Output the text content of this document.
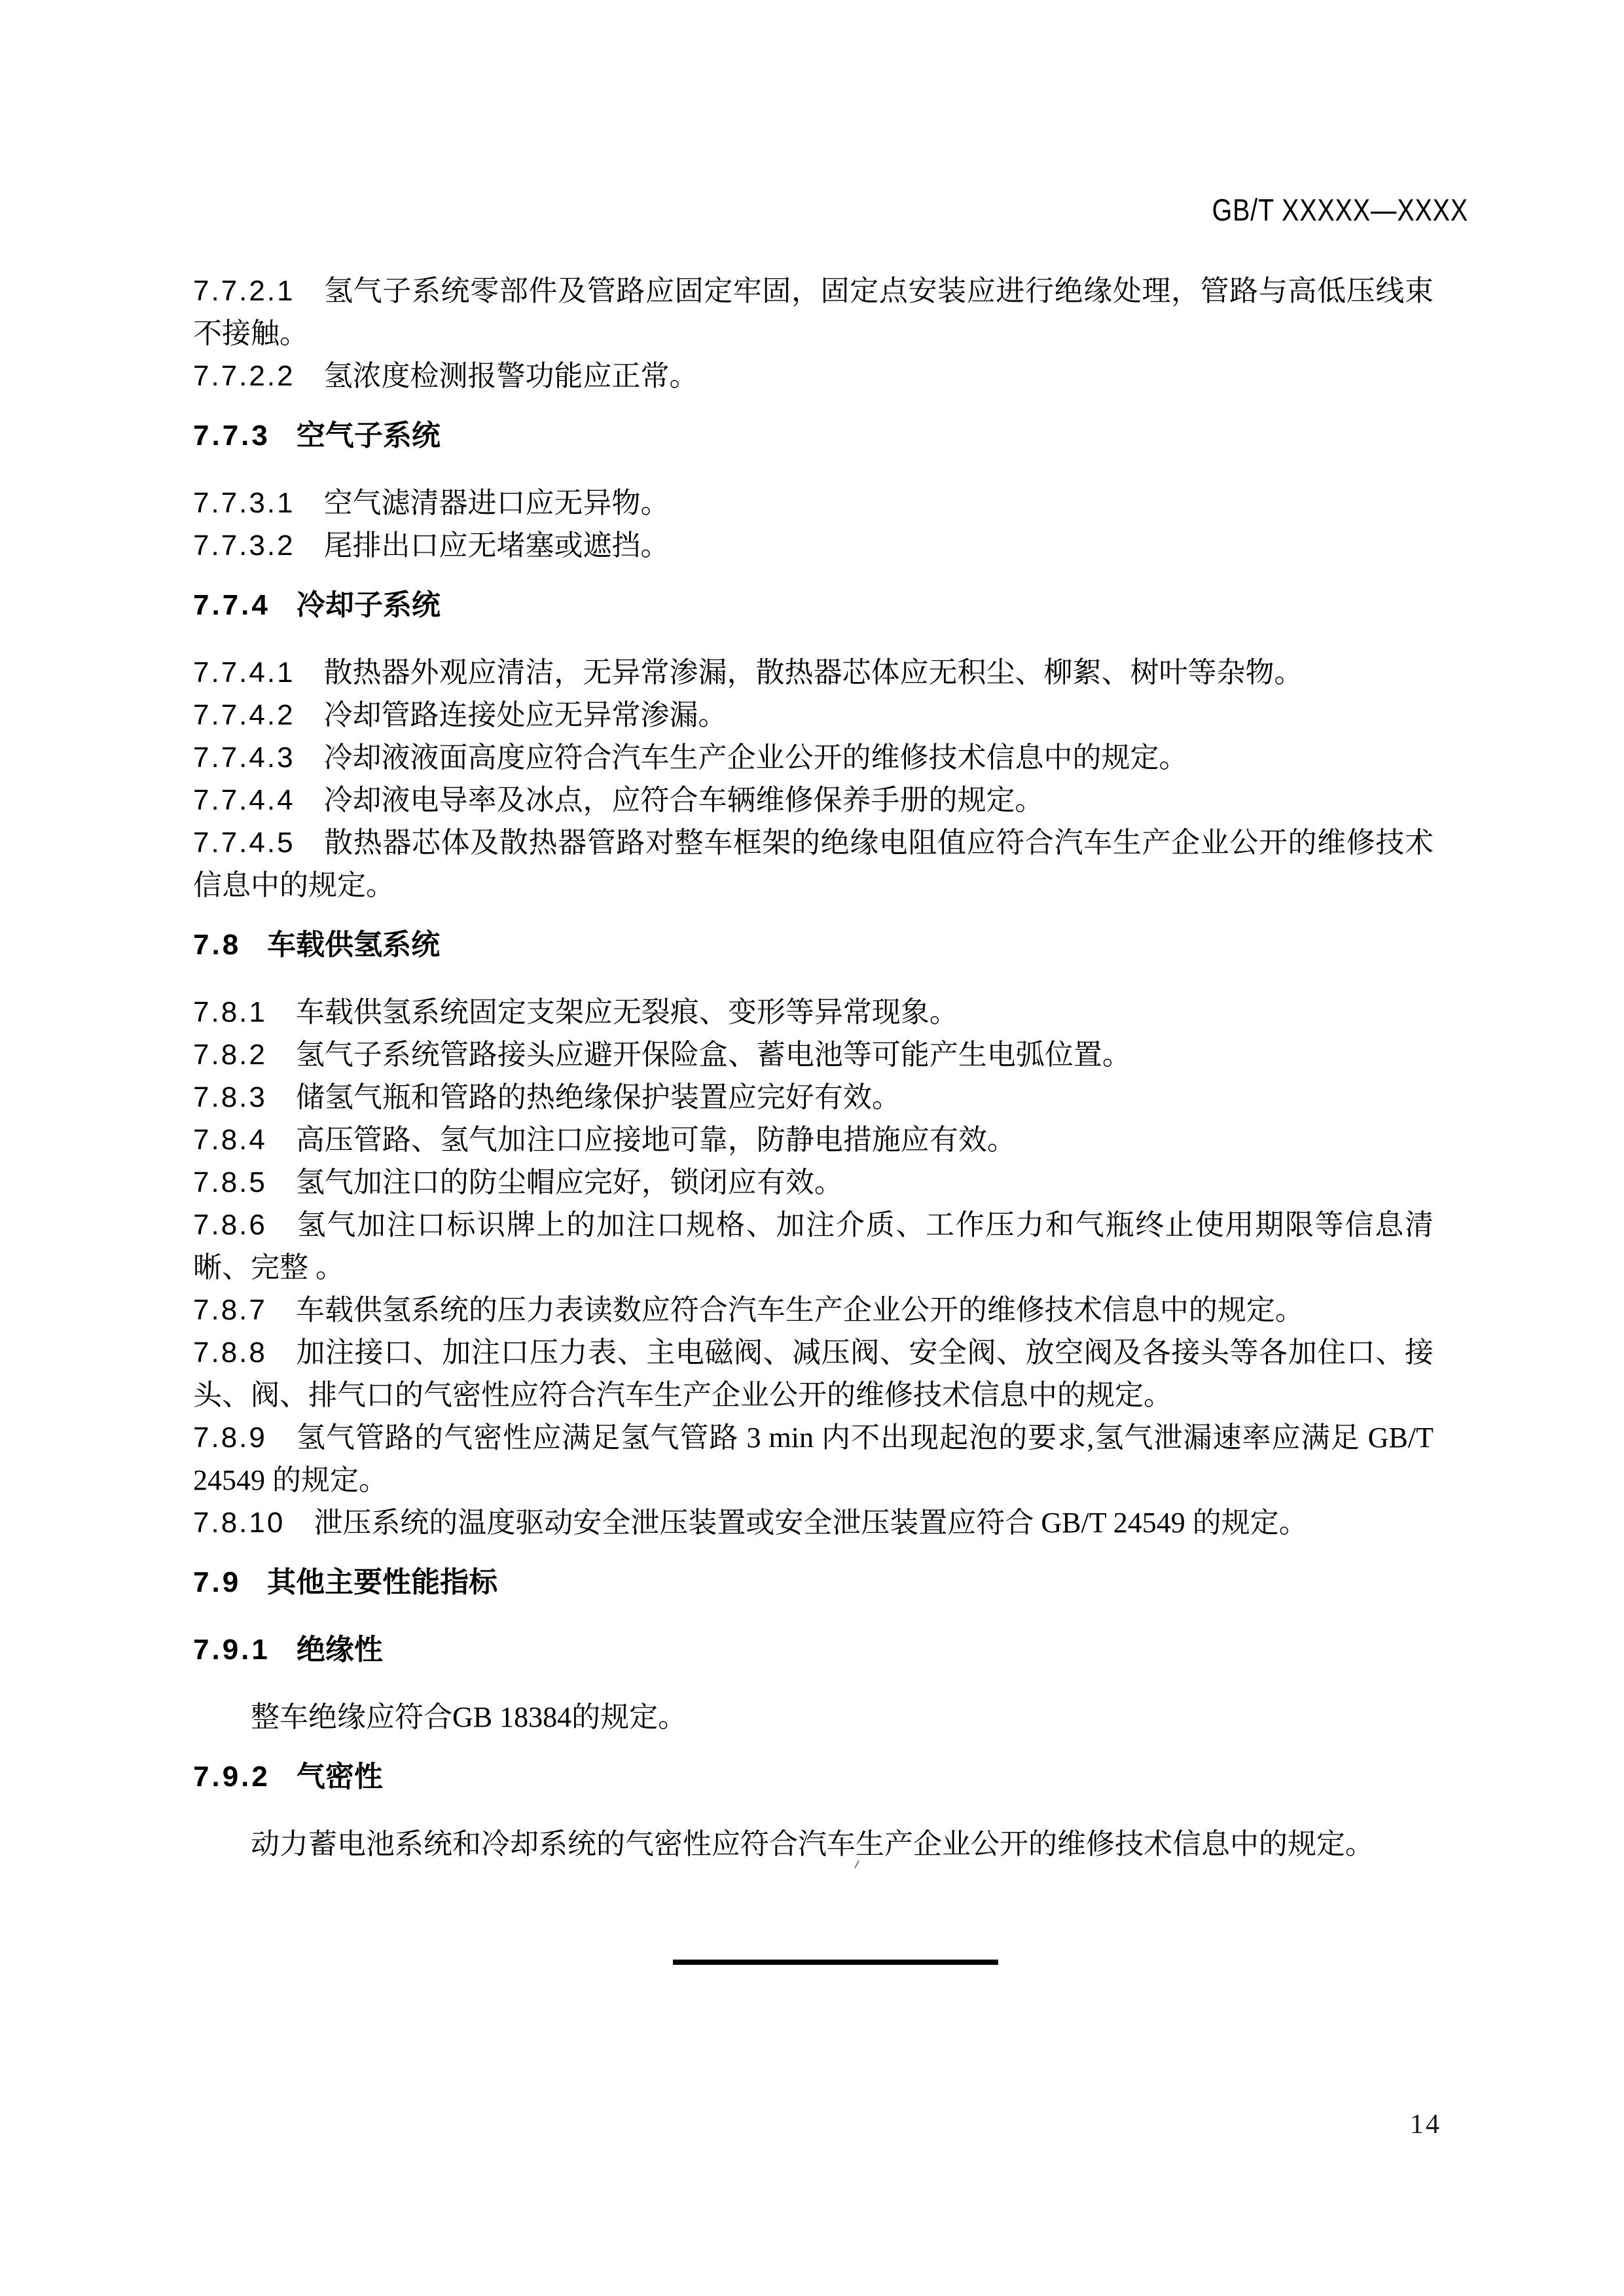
GB/T XXXXX—XXXX

7.7.2.1 氢气子系统零部件及管路应固定牢固，固定点安装应进行绝缘处理，管路与高低压线束不接触。

7.7.2.2 氢浓度检测报警功能应正常。

7.7.3 空气子系统

7.7.3.1 空气滤清器进口应无异物。

7.7.3.2 尾排出口应无堵塞或遮挡。

7.7.4 冷却子系统

7.7.4.1 散热器外观应清洁，无异常渗漏，散热器芯体应无积尘、柳絮、树叶等杂物。

7.7.4.2 冷却管路连接处应无异常渗漏。

7.7.4.3 冷却液液面高度应符合汽车生产企业公开的维修技术信息中的规定。

7.7.4.4 冷却液电导率及冰点，应符合车辆维修保养手册的规定。

7.7.4.5 散热器芯体及散热器管路对整车框架的绝缘电阻值应符合汽车生产企业公开的维修技术信息中的规定。

7.8 车载供氢系统

7.8.1 车载供氢系统固定支架应无裂痕、变形等异常现象。

7.8.2 氢气子系统管路接头应避开保险盒、蓄电池等可能产生电弧位置。

7.8.3 储氢气瓶和管路的热绝缘保护装置应完好有效。

7.8.4 高压管路、氢气加注口应接地可靠，防静电措施应有效。

7.8.5 氢气加注口的防尘帽应完好，锁闭应有效。

7.8.6 氢气加注口标识牌上的加注口规格、加注介质、工作压力和气瓶终止使用期限等信息清晰、完整 。

7.8.7 车载供氢系统的压力表读数应符合汽车生产企业公开的维修技术信息中的规定。

7.8.8 加注接口、加注口压力表、主电磁阀、减压阀、安全阀、放空阀及各接头等各加住口、接头、阀、排气口的气密性应符合汽车生产企业公开的维修技术信息中的规定。

7.8.9 氢气管路的气密性应满足氢气管路 3 min 内不出现起泡的要求,氢气泄漏速率应满足 GB/T 24549 的规定。

7.8.10 泄压系统的温度驱动安全泄压装置或安全泄压装置应符合 GB/T 24549 的规定。

7.9 其他主要性能指标

7.9.1 绝缘性

整车绝缘应符合GB 18384的规定。

7.9.2 气密性

动力蓄电池系统和冷却系统的气密性应符合汽车生产企业公开的维修技术信息中的规定。

14
